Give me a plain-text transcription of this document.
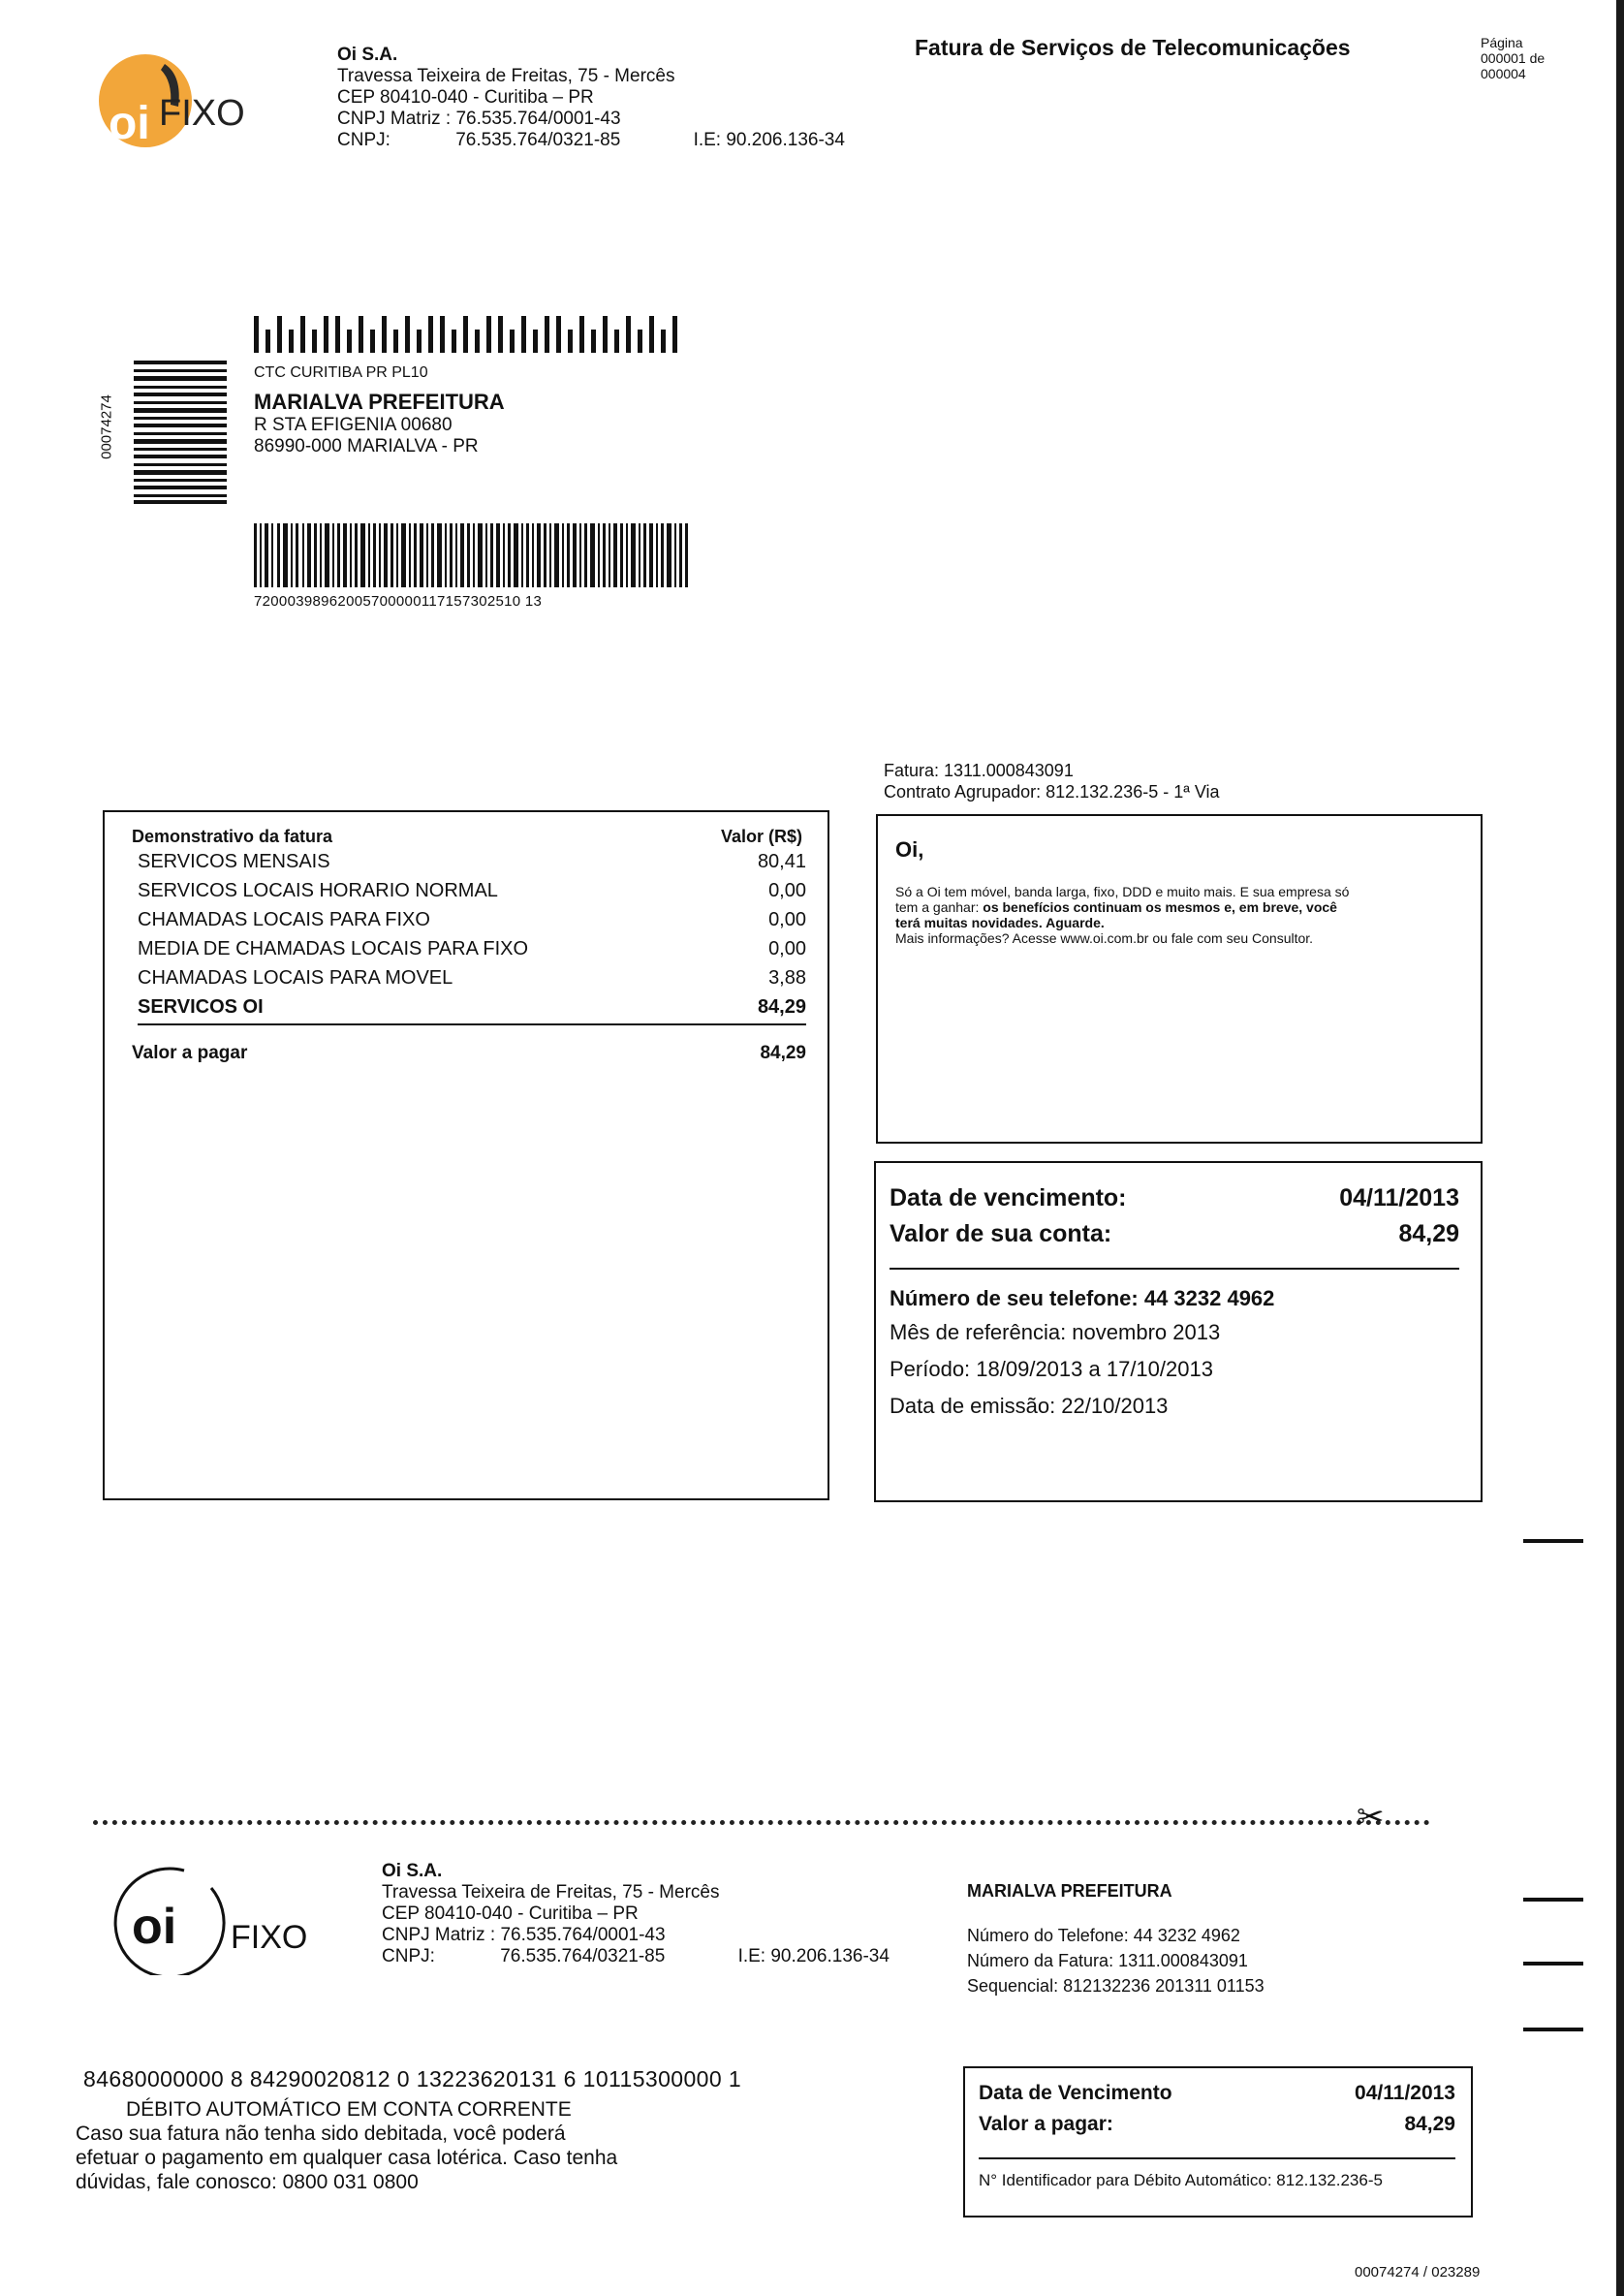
oi FIXO
Oi S.A.
Travessa Teixeira de Freitas, 75 - Mercês
CEP 80410-040 - Curitiba – PR
CNPJ Matriz : 76.535.764/0001-43
CNPJ:	76.535.764/0321-85	I.E: 90.206.136-34
Fatura de Serviços de Telecomunicações	Página
000001 de
000004
00074274
CTC CURITIBA PR PL10
MARIALVA PREFEITURA
R STA EFIGENIA 00680
86990-000 MARIALVA - PR
72000398962005700000117157302510 13
Fatura: 1311.000843091
Contrato Agrupador: 812.132.236-5 - 1ª Via
Demonstrativo da fatura	Valor (R$)
SERVICOS MENSAIS	80,41
SERVICOS LOCAIS HORARIO NORMAL	0,00
CHAMADAS LOCAIS PARA FIXO	0,00
MEDIA DE CHAMADAS LOCAIS PARA FIXO	0,00
CHAMADAS LOCAIS PARA MOVEL	3,88
SERVICOS OI	84,29
Valor a pagar	84,29
Oi,
Só a Oi tem móvel, banda larga, fixo, DDD e muito mais. E sua empresa só
tem a ganhar: os benefícios continuam os mesmos e, em breve, você
terá muitas novidades. Aguarde.
Mais informações? Acesse www.oi.com.br ou fale com seu Consultor.
Data de vencimento:	04/11/2013
Valor de sua conta:	84,29
Número de seu telefone: 44 3232 4962
Mês de referência: novembro 2013
Período: 18/09/2013 a 17/10/2013
Data de emissão: 22/10/2013
✂
oi FIXO
Oi S.A.
Travessa Teixeira de Freitas, 75 - Mercês
CEP 80410-040 - Curitiba – PR
CNPJ Matriz : 76.535.764/0001-43
CNPJ:	76.535.764/0321-85	I.E: 90.206.136-34
MARIALVA PREFEITURA
Número do Telefone: 44 3232 4962
Número da Fatura: 1311.000843091
Sequencial: 812132236 201311 01153
84680000000 8 84290020812 0 13223620131 6 10115300000 1
DÉBITO AUTOMÁTICO EM CONTA CORRENTE
Caso sua fatura não tenha sido debitada, você poderá
efetuar o pagamento em qualquer casa lotérica. Caso tenha
dúvidas, fale conosco: 0800 031 0800
Data de Vencimento	04/11/2013
Valor a pagar:	84,29
N° Identificador para Débito Automático: 812.132.236-5
00074274 / 023289
